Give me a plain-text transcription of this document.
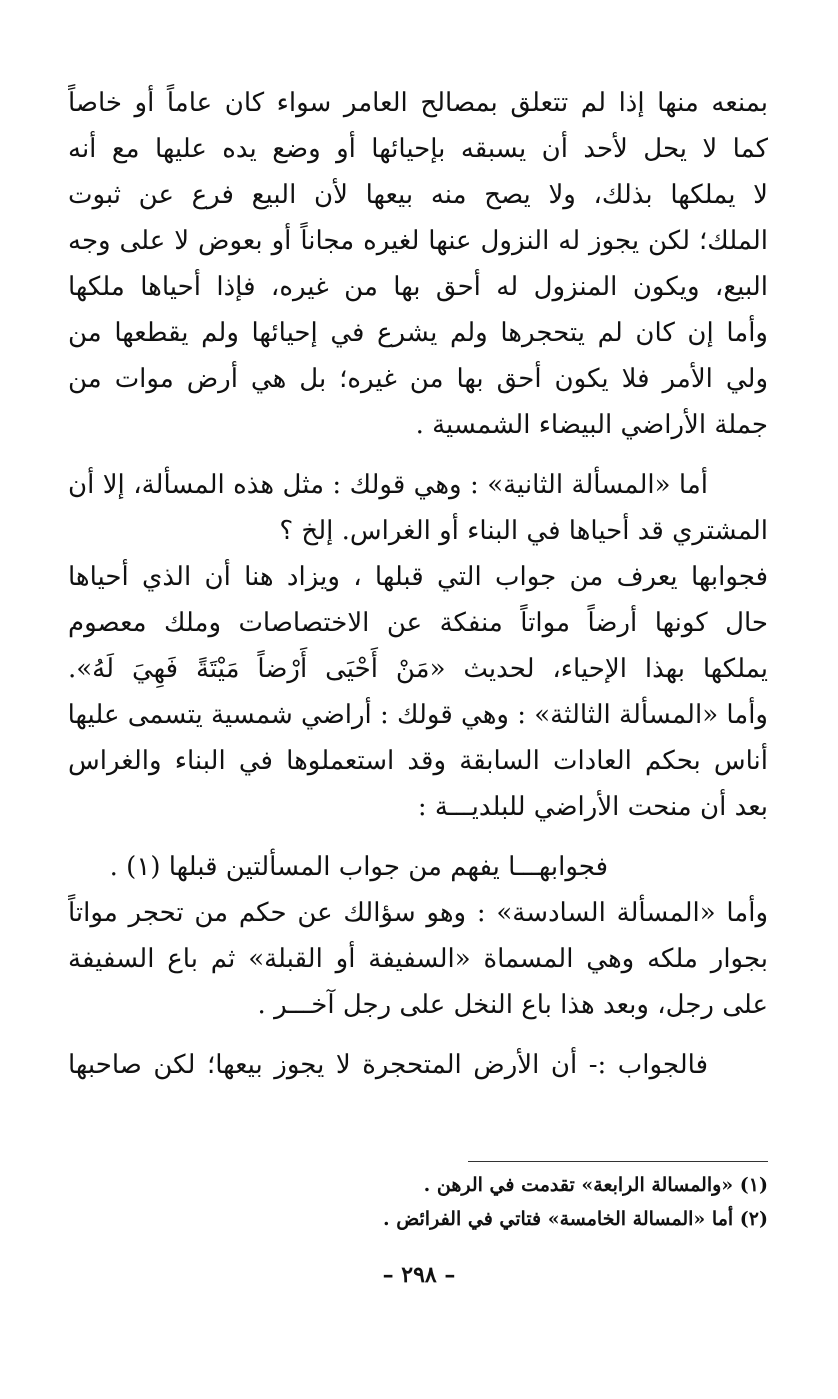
بمنعه منها إذا لم تتعلق بمصالح العامر سواء كان عاماً أو خاصاً
كما لا يحل لأحد أن يسبقه بإحيائها أو وضع يده عليها مع أنه
لا يملكها بذلك، ولا يصح منه بيعها لأن البيع فرع عن ثبوت
الملك؛ لكن يجوز له النزول عنها لغيره مجاناً أو بعوض لا على وجه
البيع، ويكون المنزول له أحق بها من غيره، فإذا أحياها ملكها
وأما إن كان لم يتحجرها ولم يشرع في إحيائها ولم يقطعها من
ولي الأمر فلا يكون أحق بها من غيره؛ بل هي أرض موات من
جملة الأراضي البيضاء الشمسية .
أما «المسألة الثانية» : وهي قولك : مثل هذه المسألة، إلا أن
المشتري قد أحياها في البناء أو الغراس. إلخ ؟
فجوابها يعرف من جواب التي قبلها ، ويزاد هنا أن الذي أحياها
حال كونها أرضاً مواتاً منفكة عن الاختصاصات وملك معصوم
يملكها بهذا الإحياء، لحديث «مَنْ أَحْيَى أَرْضاً مَيْتَةً فَهِيَ لَهُ».
وأما «المسألة الثالثة» : وهي قولك : أراضي شمسية يتسمى عليها
أناس بحكم العادات السابقة وقد استعملوها في البناء والغراس
بعد أن منحت الأراضي للبلديـــة :
فجوابهـــا يفهم من جواب المسألتين قبلها (١) .
وأما «المسألة السادسة» : وهو سؤالك عن حكم من تحجر مواتاً
بجوار ملكه وهي المسماة «السفيفة أو القبلة» ثم باع السفيفة
على رجل، وبعد هذا باع النخل على رجل آخـــر .
فالجواب :- أن الأرض المتحجرة لا يجوز بيعها؛ لكن صاحبها
(١) «والمسالة الرابعة» تقدمت في الرهن .
(٢) أما «المسالة الخامسة» فتاتي في الفرائض .
– ٢٩٨ –
